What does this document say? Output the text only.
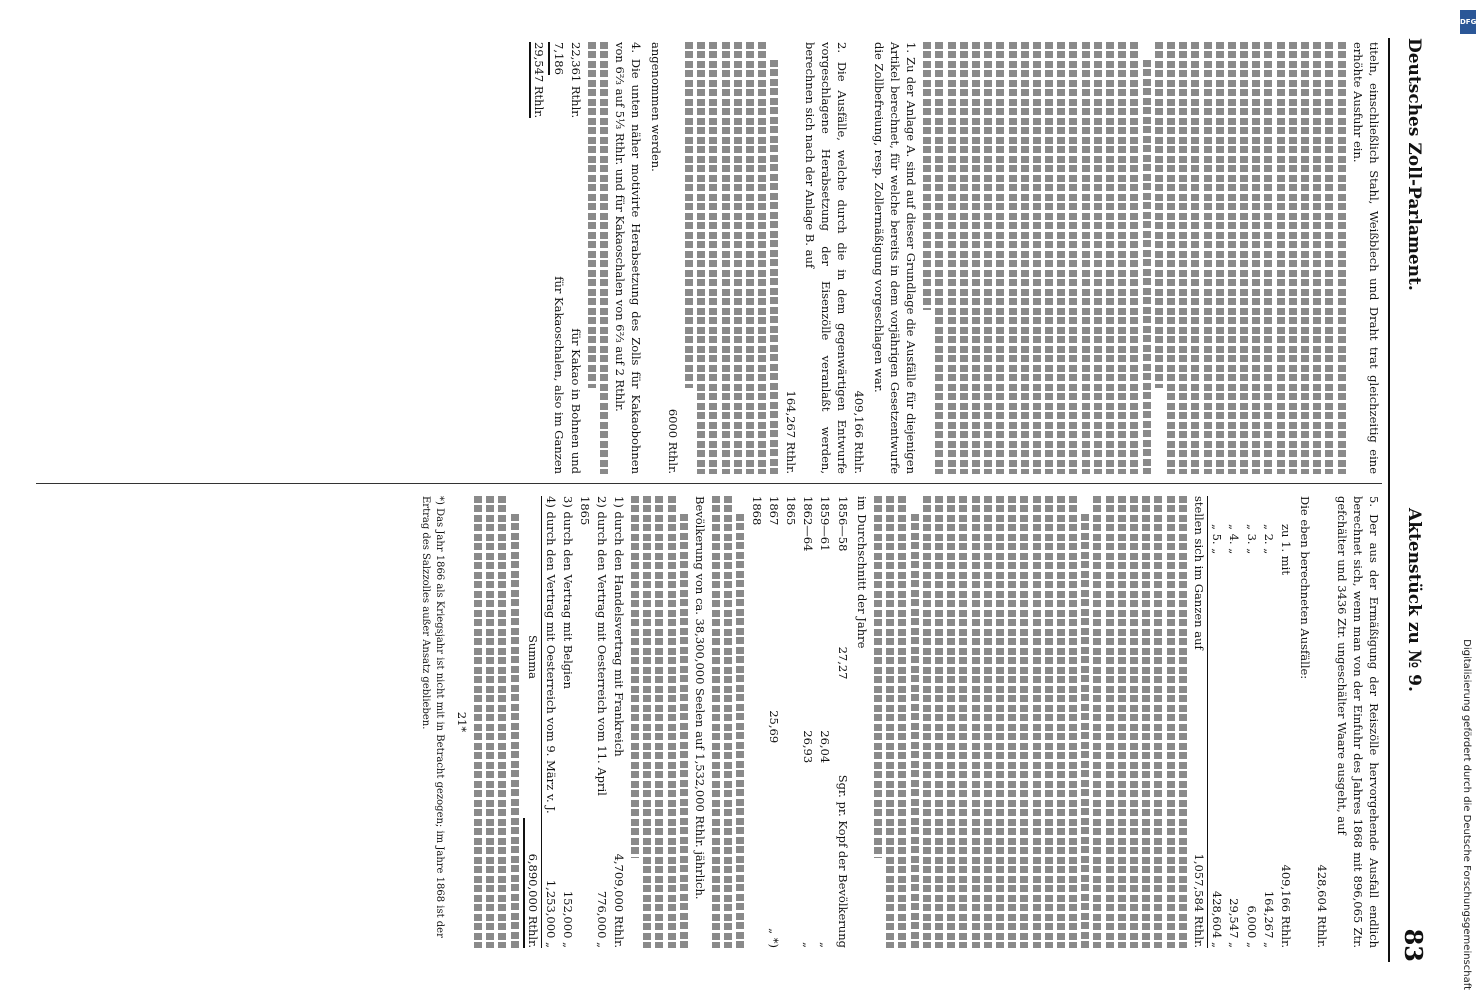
Deutsches Zoll-Parlament.
Aktenstück zu № 9.
83

titeln, einschließlich Stahl, Weißblech und Draht trat gleichzeitig eine erhöhte Ausfuhr ein.

1. Zu der Anlage A. sind auf dieser Grundlage die Ausfälle für diejenigen Artikel berechnet, für welche bereits in dem vorjährigen Gesetzentwurfe die Zollbefreiung, resp. Zollermäßigung vorgeschlagen war.

409,166 Rthlr.

2. Die Ausfälle, welche durch die in dem gegenwärtigen Entwurfe vorgeschlagene Herabsetzung der Eisenzölle veranlaßt werden, berechnen sich nach der Anlage B. auf

164,267 Rthlr.
6000 Rthlr.

angenommen werden.

4. Die unten näher motivirte Herabsetzung des Zolls für Kakaobohnen von 6⅔ auf 5⅓ Rthlr. und für Kakaoschalen von 6⅔ auf 2 Rthlr.

22,361 Rthlr.
für Kakao in Bohnen und
7,186
für Kakaoschalen, also im Ganzen
29,547 Rthlr.

5. Der aus der Ermäßigung der Reiszölle hervorgehende Ausfall endlich berechnet sich, wenn man von der Einfuhr des Jahres 1868 mit 896,065 Ztr. gefchälter und 3436 Ztr. ungeschälter Waare ausgeht, auf

428,604 Rthlr.

Die eben berechneten Ausfälle:

zu 1. mit
409,166 Rthlr.
„ 2. „
164,267 „
„ 3. „
6,000 „
„ 4. „
29,547 „
„ 5. „
428,604 „
stellen sich im Ganzen auf
1,057,584 Rthlr.

im Durchschnitt der Jahre

1856—58
27,27
Sgr. pr. Kopf der Bevölkerung
1859—61
26,04
„
1862—64
26,93
„
1865
1867
25,69
„ *)
1868

Bevölkerung von ca. 38,300,000 Seelen auf 1,532,000 Rthlr. jährlich.

1) durch den Handelsvertrag mit Frankreich
4,709,000 Rthlr.
2) durch den Vertrag mit Oesterreich vom 11. April 1865
776,000 „
3) durch den Vertrag mit Belgien
152,000 „
4) durch den Vertrag mit Oesterreich vom 9. März v. J.
1,253,000 „
Summa
6,890,000 Rthlr.
21*

*) Das Jahr 1866 als Kriegsjahr ist nicht mit in Betracht gezogen; im Jahre 1868 ist der Ertrag des Salzzolles außer Ansatz geblieben.

Digitalisierung gefördert durch die Deutsche Forschungsgemeinschaft
DFG
